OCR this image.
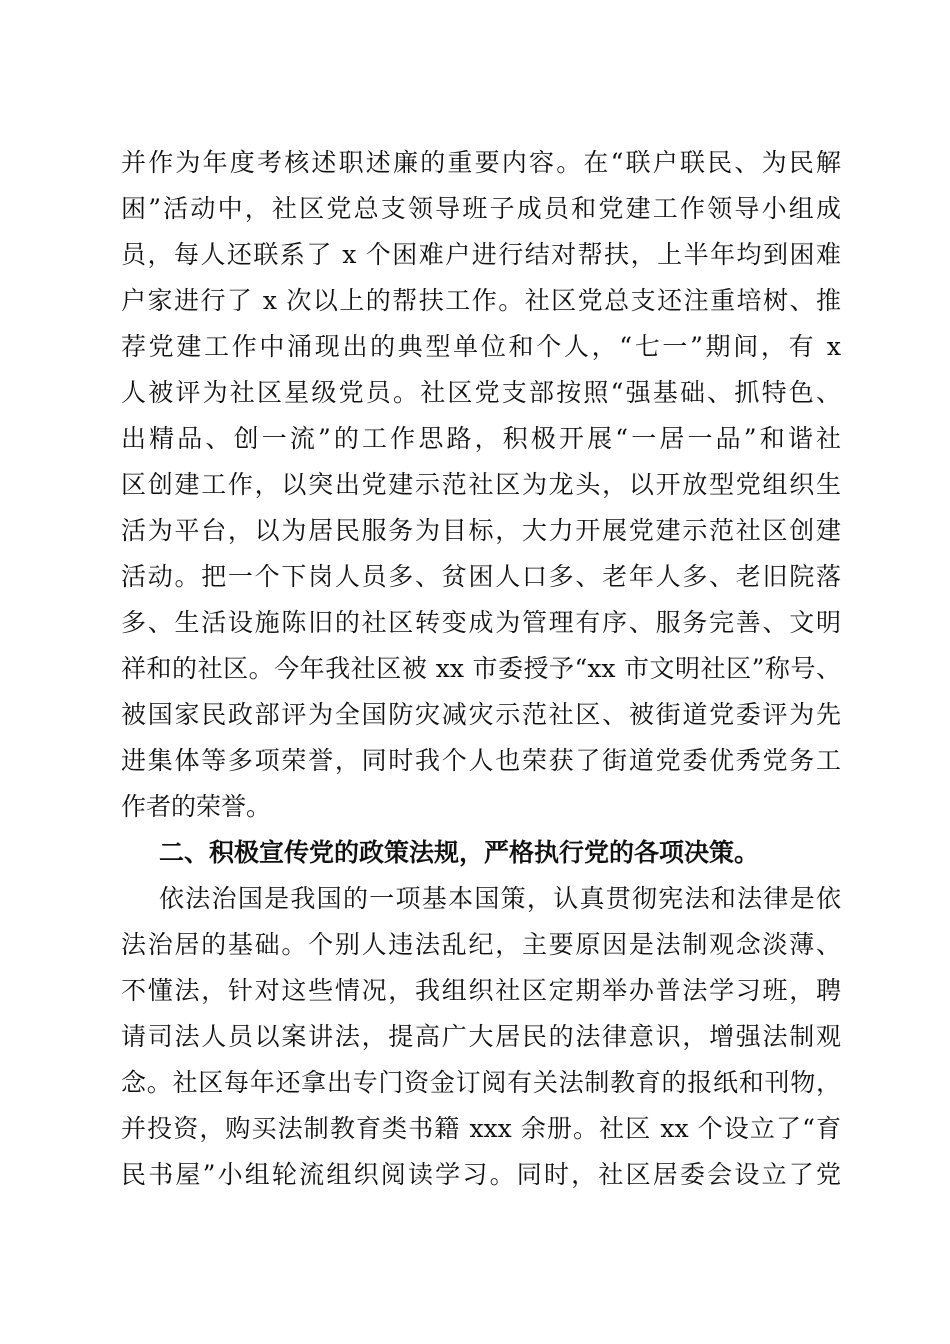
并作为年度考核述职述廉的重要内容。在“联户联民、为民解
困”活动中，社区党总支领导班子成员和党建工作领导小组成
员，每人还联系了 x 个困难户进行结对帮扶，上半年均到困难
户家进行了 x 次以上的帮扶工作。社区党总支还注重培树、推
荐党建工作中涌现出的典型单位和个人，“七一”期间，有 x
人被评为社区星级党员。社区党支部按照“强基础、抓特色、
出精品、创一流”的工作思路，积极开展“一居一品”和谐社
区创建工作，以突出党建示范社区为龙头，以开放型党组织生
活为平台，以为居民服务为目标，大力开展党建示范社区创建
活动。把一个下岗人员多、贫困人口多、老年人多、老旧院落
多、生活设施陈旧的社区转变成为管理有序、服务完善、文明
祥和的社区。今年我社区被 xx 市委授予“xx 市文明社区”称号、
被国家民政部评为全国防灾减灾示范社区、被街道党委评为先
进集体等多项荣誉，同时我个人也荣获了街道党委优秀党务工
作者的荣誉。
二、积极宣传党的政策法规，严格执行党的各项决策。
依法治国是我国的一项基本国策，认真贯彻宪法和法律是依
法治居的基础。个别人违法乱纪，主要原因是法制观念淡薄、
不懂法，针对这些情况，我组织社区定期举办普法学习班，聘
请司法人员以案讲法，提高广大居民的法律意识，增强法制观
念。社区每年还拿出专门资金订阅有关法制教育的报纸和刊物，
并投资，购买法制教育类书籍 xxx 余册。社区 xx 个设立了“育
民书屋”小组轮流组织阅读学习。同时，社区居委会设立了党
